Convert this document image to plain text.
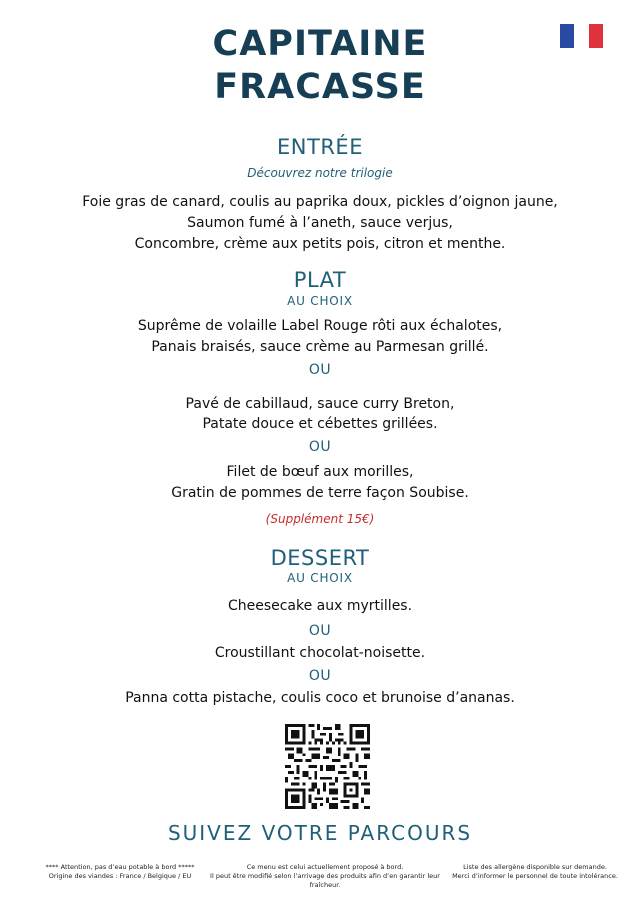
CAPITAINE
FRACASSE
ENTRÉE
Découvrez notre trilogie
Foie gras de canard, coulis au paprika doux, pickles d’oignon jaune,
Saumon fumé à l’aneth, sauce verjus,
Concombre, crème aux petits pois, citron et menthe.
PLAT
AU CHOIX
Suprême de volaille Label Rouge rôti aux échalotes,
Panais braisés, sauce crème au Parmesan grillé.
OU
Pavé de cabillaud, sauce curry Breton,
Patate douce et cébettes grillées.
OU
Filet de bœuf aux morilles,
Gratin de pommes de terre façon Soubise.
(Supplément 15€)
DESSERT
AU CHOIX
Cheesecake aux myrtilles.
OU
Croustillant chocolat-noisette.
OU
Panna cotta pistache, coulis coco et brunoise d’ananas.
SUIVEZ VOTRE PARCOURS
**** Attention, pas d’eau potable à bord *****
Origine des viandes : France / Belgique / EU
Ce menu est celui actuellement proposé à bord.
Il peut être modifié selon l’arrivage des produits afin d’en garantir leur fraîcheur.
Liste des allergène disponible sur demande.
Merci d’informer le personnel de toute intolérance.
